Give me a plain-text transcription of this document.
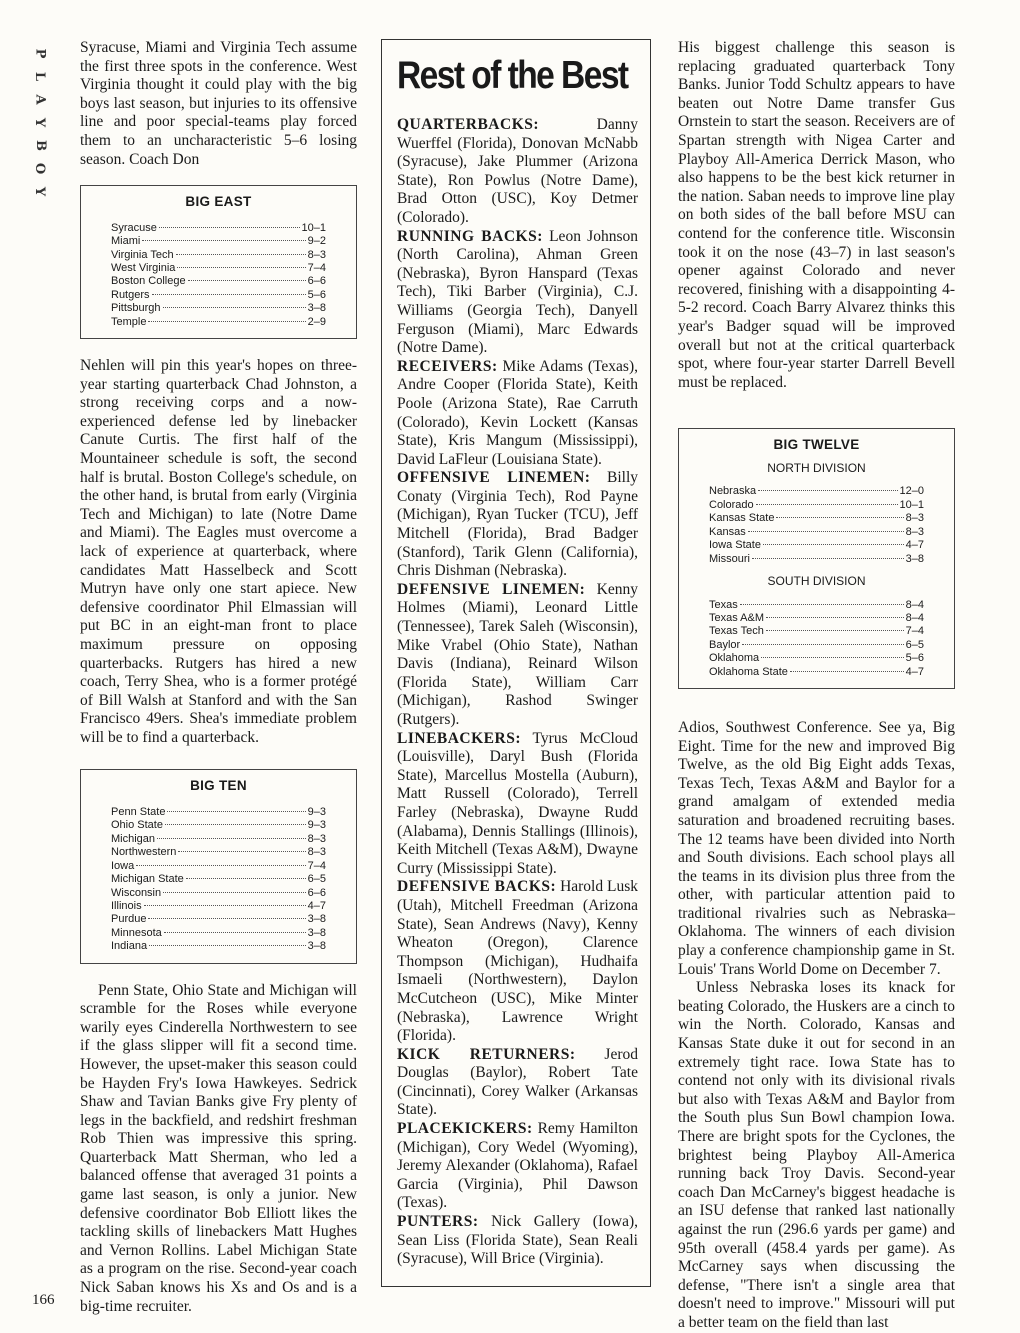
P
L
A
Y
B
O
Y
166

Syracuse, Miami and Virginia Tech assume the first three spots in the conference. West Virginia thought it could play with the big boys last season, but injuries to its offensive line and poor special-teams play forced them to an uncharacteristic 5–6 losing season. Coach Don

BIG EAST
Syracuse	10–1
Miami	9–2
Virginia Tech	8–3
West Virginia	7–4
Boston College	6–6
Rutgers	5–6
Pittsburgh	3–8
Temple	2–9

Nehlen will pin this year's hopes on three-year starting quarterback Chad Johnston, a strong receiving corps and a now-experienced defense led by linebacker Canute Curtis. The first half of the Mountaineer schedule is soft, the second half is brutal. Boston College's schedule, on the other hand, is brutal from early (Virginia Tech and Michigan) to late (Notre Dame and Miami). The Eagles must overcome a lack of experience at quarterback, where candidates Matt Hasselbeck and Scott Mutryn have only one start apiece. New defensive coordinator Phil Elmassian will put BC in an eight-man front to place maximum pressure on opposing quarterbacks. Rutgers has hired a new coach, Terry Shea, who is a former protégé of Bill Walsh at Stanford and with the San Francisco 49ers. Shea's immediate problem will be to find a quarterback.

BIG TEN
Penn State	9–3
Ohio State	9–3
Michigan	8–3
Northwestern	8–3
Iowa	7–4
Michigan State	6–5
Wisconsin	6–6
Illinois	4–7
Purdue	3–8
Minnesota	3–8
Indiana	3–8

Penn State, Ohio State and Michigan will scramble for the Roses while everyone warily eyes Cinderella Northwestern to see if the glass slipper will fit a second time. However, the upset-maker this season could be Hayden Fry's Iowa Hawkeyes. Sedrick Shaw and Tavian Banks give Fry plenty of legs in the backfield, and redshirt freshman Rob Thien was impressive this spring. Quarterback Matt Sherman, who led a balanced offense that averaged 31 points a game last season, is only a junior. New defensive coordinator Bob Elliott likes the tackling skills of linebackers Matt Hughes and Vernon Rollins. Label Michigan State as a program on the rise. Second-year coach Nick Saban knows his Xs and Os and is a big-time recruiter.

Rest of the Best

QUARTERBACKS:	Danny Wuerffel (Florida), Donovan McNabb (Syracuse), Jake Plummer (Arizona State), Ron Powlus (Notre Dame), Brad Otton (USC), Koy Detmer (Colorado).

RUNNING BACKS: Leon Johnson (North Carolina), Ahman Green (Nebraska), Byron Hanspard (Texas Tech), Tiki Barber (Virginia), C.J. Williams (Georgia Tech), Danyell Ferguson (Miami), Marc Edwards (Notre Dame).

RECEIVERS: Mike Adams (Texas), Andre Cooper (Florida State), Keith Poole (Arizona State), Rae Carruth (Colorado), Kevin Lockett (Kansas State), Kris Mangum (Mississippi), David LaFleur (Louisiana State).

OFFENSIVE LINEMEN: Billy Conaty (Virginia Tech), Rod Payne (Michigan), Ryan Tucker (TCU), Jeff Mitchell (Florida), Brad Badger (Stanford), Tarik Glenn (California), Chris Dishman (Nebraska).

DEFENSIVE LINEMEN: Kenny Holmes (Miami), Leonard Little (Tennessee), Tarek Saleh (Wisconsin), Mike Vrabel (Ohio State), Nathan Davis (Indiana), Reinard Wilson (Florida State), William Carr (Michigan), Rashod Swinger (Rutgers).

LINEBACKERS: Tyrus McCloud (Louisville), Daryl Bush (Florida State), Marcellus Mostella (Auburn), Matt Russell (Colorado), Terrell Farley (Nebraska), Dwayne Rudd (Alabama), Dennis Stallings (Illinois), Keith Mitchell (Texas A&M), Dwayne Curry (Mississippi State).

DEFENSIVE BACKS: Harold Lusk (Utah), Mitchell Freedman (Arizona State), Sean Andrews (Navy), Kenny Wheaton (Oregon), Clarence Thompson (Michigan), Hudhaifa Ismaeli (Northwestern), Daylon McCutcheon (USC), Mike Minter (Nebraska), Lawrence Wright (Florida).

KICK RETURNERS: Jerod Douglas (Baylor), Robert Tate (Cincinnati), Corey Walker (Arkansas State).

PLACEKICKERS: Remy Hamilton (Michigan), Cory Wedel (Wyoming), Jeremy Alexander (Oklahoma), Rafael Garcia (Virginia), Phil Dawson (Texas).

PUNTERS: Nick Gallery (Iowa), Sean Liss (Florida State), Sean Reali (Syracuse), Will Brice (Virginia).

His biggest challenge this season is replacing graduated quarterback Tony Banks. Junior Todd Schultz appears to have beaten out Notre Dame transfer Gus Ornstein to start the season. Receivers are of Spartan strength with Nigea Carter and Playboy All-America Derrick Mason, who also happens to be the best kick returner in the nation. Saban needs to improve line play on both sides of the ball before MSU can contend for the conference title. Wisconsin took it on the nose (43–7) in last season's opener against Colorado and never recovered, finishing with a disappointing 4-5-2 record. Coach Barry Alvarez thinks this year's Badger squad will be improved overall but not at the critical quarterback spot, where four-year starter Darrell Bevell must be replaced.

BIG TWELVE
NORTH DIVISION
Nebraska	12–0
Colorado	10–1
Kansas State	8–3
Kansas	8–3
Iowa State	4–7
Missouri	3–8
SOUTH DIVISION
Texas	8–4
Texas A&M	8–4
Texas Tech	7–4
Baylor	6–5
Oklahoma	5–6
Oklahoma State	4–7

Adios, Southwest Conference. See ya, Big Eight. Time for the new and improved Big Twelve, as the old Big Eight adds Texas, Texas Tech, Texas A&M and Baylor for a grand amalgam of extended media saturation and broadened recruiting bases. The 12 teams have been divided into North and South divisions. Each school plays all the teams in its division plus three from the other, with particular attention paid to traditional rivalries such as Nebraska–Oklahoma. The winners of each division play a conference championship game in St. Louis' Trans World Dome on December 7.

Unless Nebraska loses its knack for beating Colorado, the Huskers are a cinch to win the North. Colorado, Kansas and Kansas State duke it out for second in an extremely tight race. Iowa State has to contend not only with its divisional rivals but also with Texas A&M and Baylor from the South plus Sun Bowl champion Iowa. There are bright spots for the Cyclones, the brightest being Playboy All-America running back Troy Davis. Second-year coach Dan McCarney's biggest headache is an ISU defense that ranked last nationally against the run (296.6 yards per game) and 95th overall (458.4 yards per game). As McCarney says when discussing the defense, "There isn't a single area that doesn't need to improve." Missouri will put a better team on the field than last
